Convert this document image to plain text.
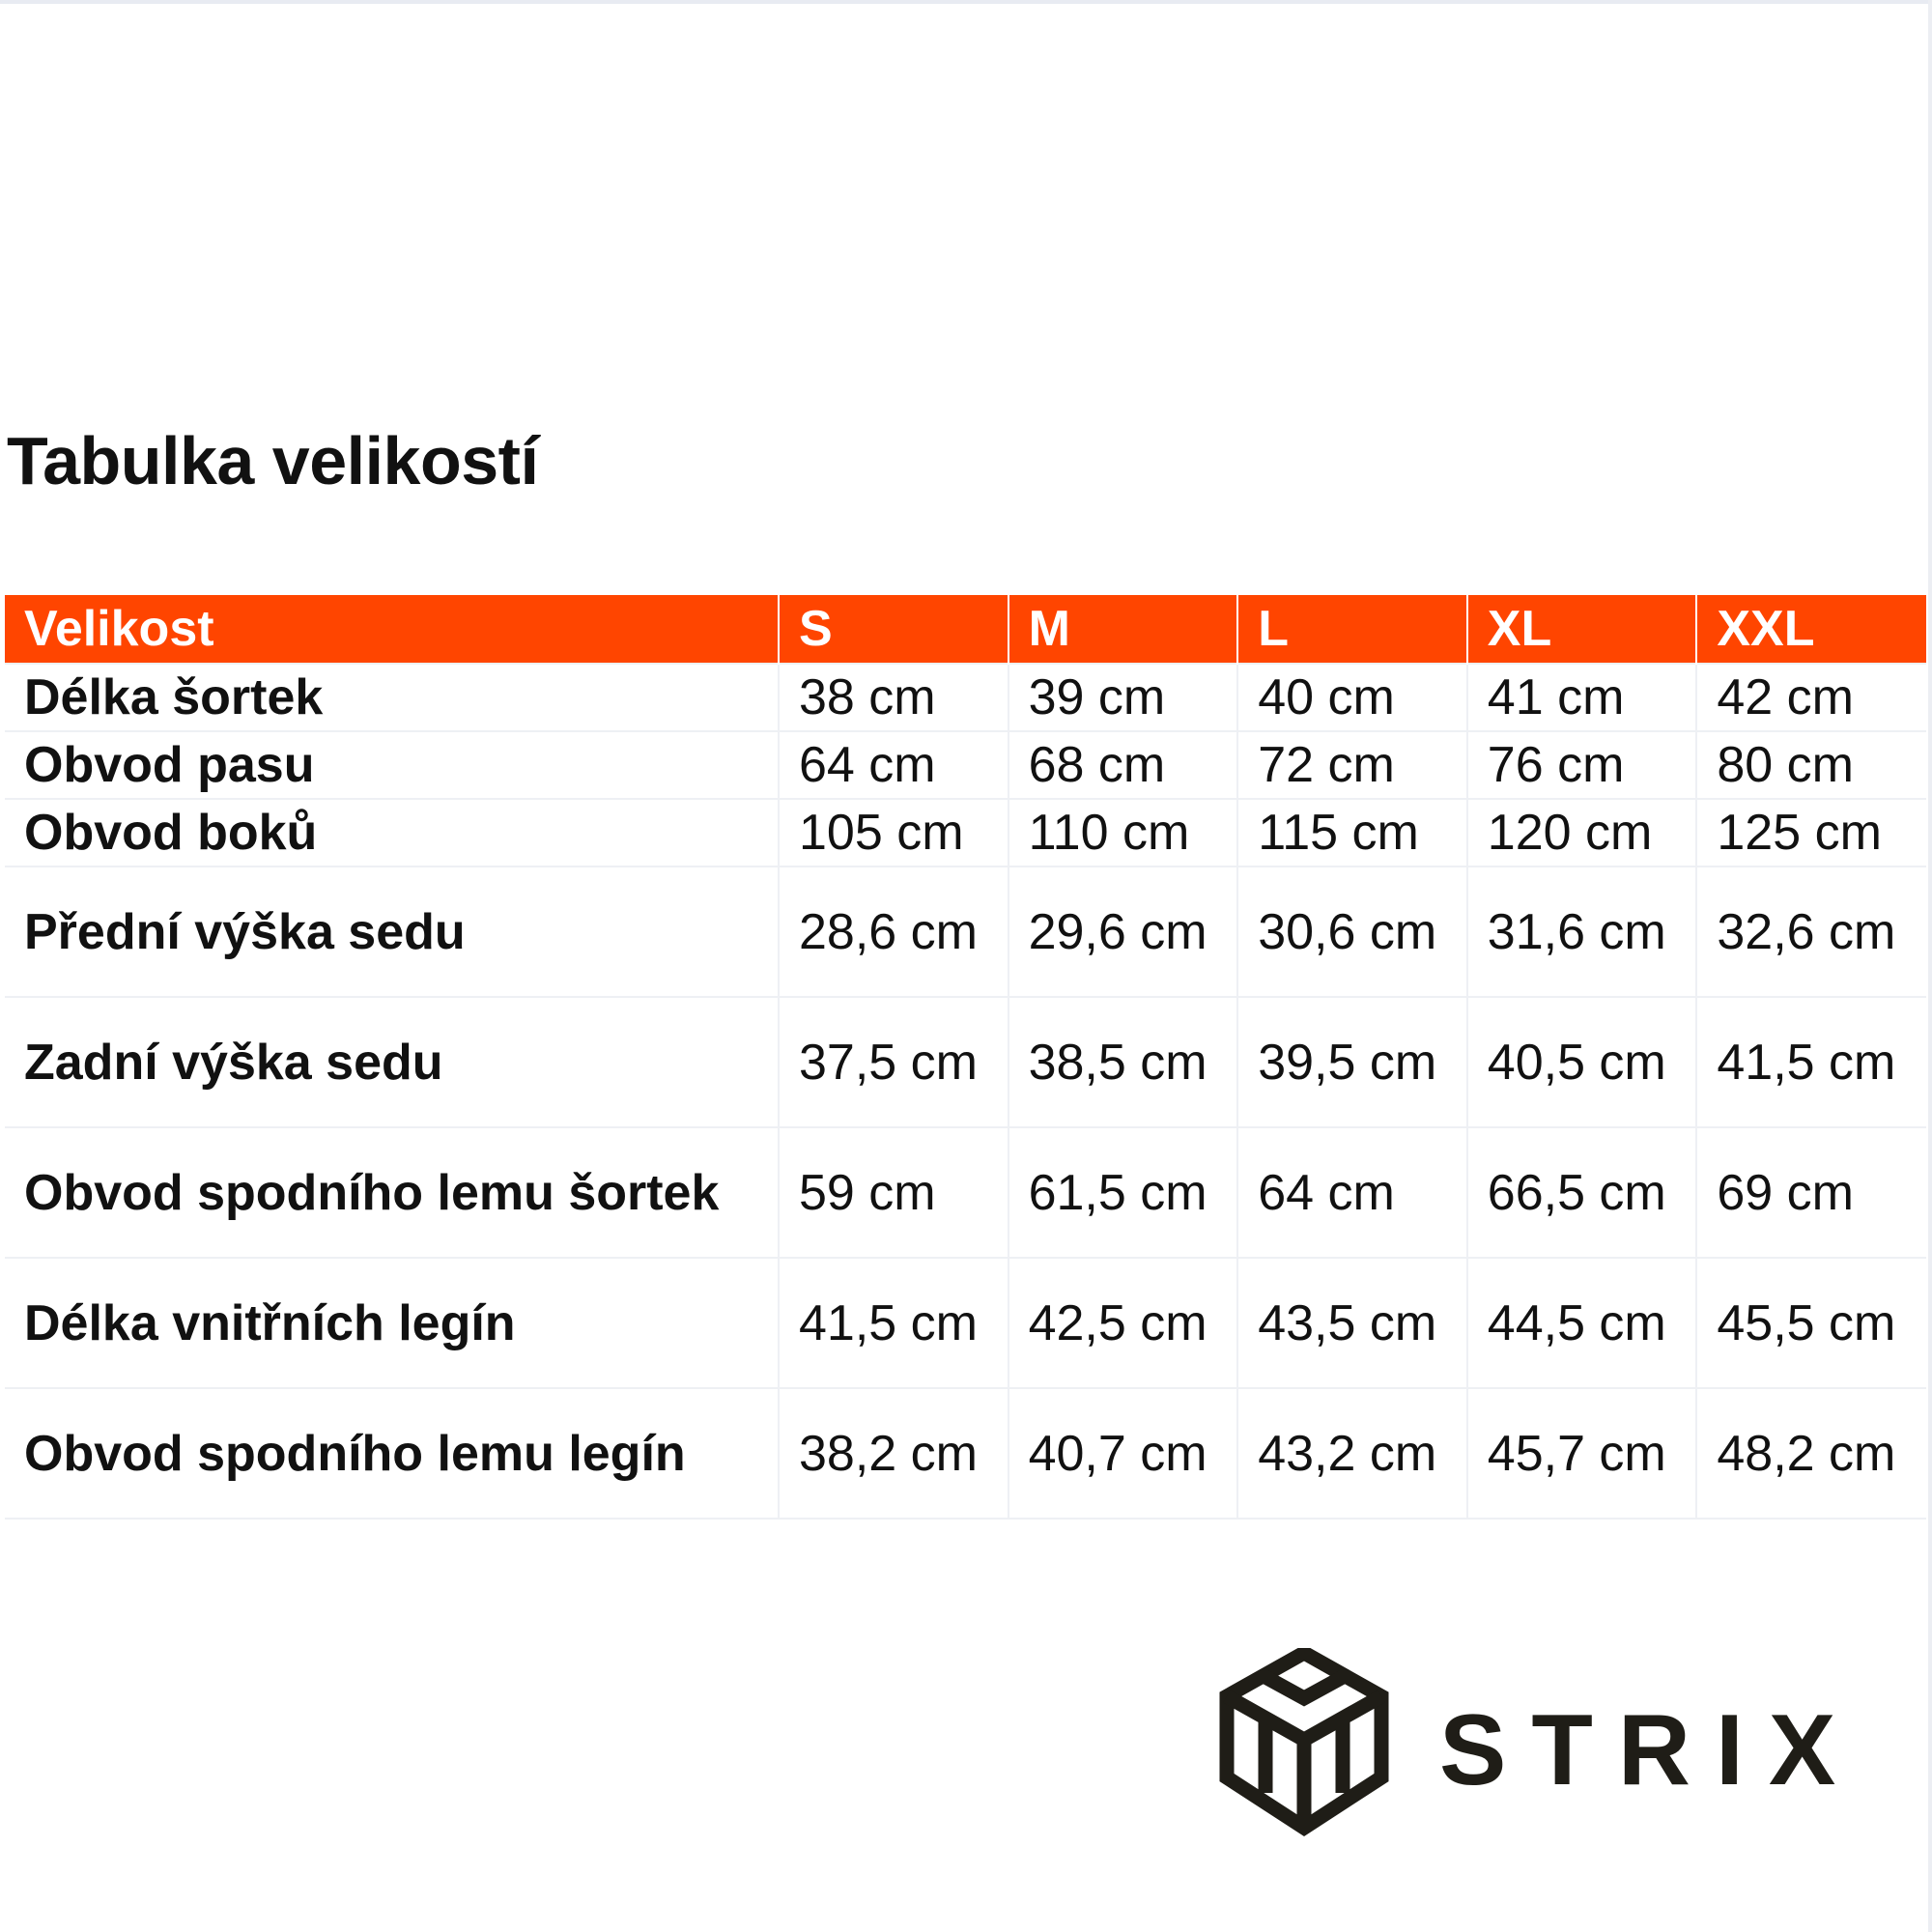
Tabulka velikostí
Velikost	S	M	L	XL	XXL
Délka šortek	38 cm	39 cm	40 cm	41 cm	42 cm

Obvod pasu	64 cm	68 cm	72 cm	76 cm	80 cm

Obvod boků	105 cm	110 cm	115 cm	120 cm	125 cm

Přední výška sedu	28,6 cm	29,6 cm	30,6 cm	31,6 cm	32,6 cm

Zadní výška sedu	37,5 cm	38,5 cm	39,5 cm	40,5 cm	41,5 cm

Obvod spodního lemu šortek	59 cm	61,5 cm	64 cm	66,5 cm	69 cm

Délka vnitřních legín	41,5 cm	42,5 cm	43,5 cm	44,5 cm	45,5 cm

Obvod spodního lemu legín	38,2 cm	40,7 cm	43,2 cm	45,7 cm	48,2 cm
STRIX
